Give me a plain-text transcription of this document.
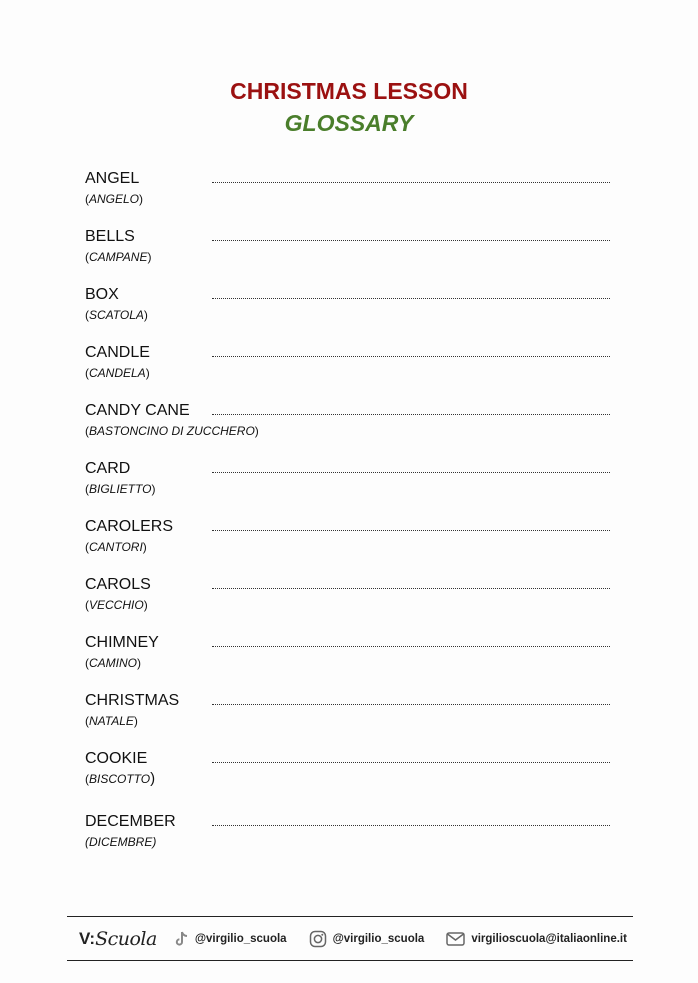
CHRISTMAS LESSON
GLOSSARY
ANGEL
(ANGELO)
BELLS
(CAMPANE)
BOX
(SCATOLA)
CANDLE
(CANDELA)
CANDY CANE
(BASTONCINO DI ZUCCHERO)
CARD
(BIGLIETTO)
CAROLERS
(CANTORI)
CAROLS
(VECCHIO)
CHIMNEY
(CAMINO)
CHRISTMAS
(NATALE)
COOKIE
(BISCOTTO)
DECEMBER
(DICEMBRE)
V: Scuola	@virgilio_scuola	@virgilio_scuola	virgilioscuola@italiaonline.it
